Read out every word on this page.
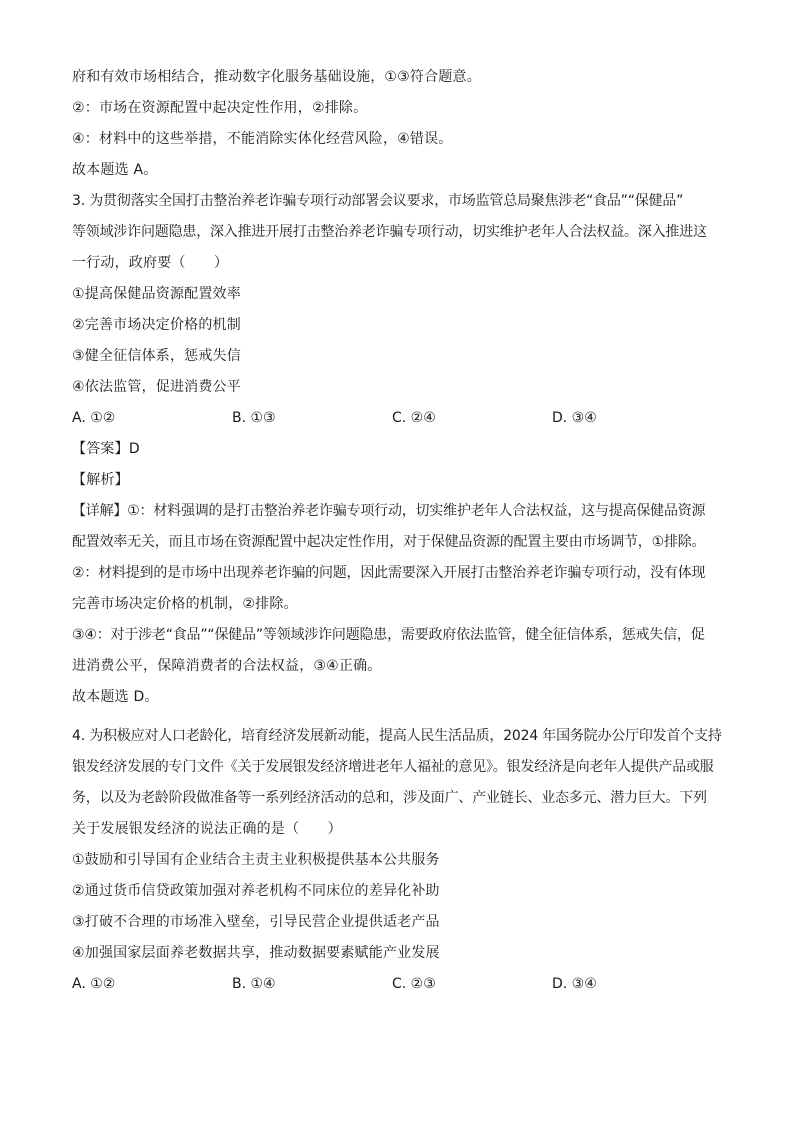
府和有效市场相结合，推动数字化服务基础设施，①③符合题意。
②：市场在资源配置中起决定性作用，②排除。
④：材料中的这些举措，不能消除实体化经营风险，④错误。
故本题选 A。
3. 为贯彻落实全国打击整治养老诈骗专项行动部署会议要求，市场监管总局聚焦涉老“食品”“保健品”
等领域涉诈问题隐患，深入推进开展打击整治养老诈骗专项行动，切实维护老年人合法权益。深入推进这
一行动，政府要（　　）
①提高保健品资源配置效率
②完善市场决定价格的机制
③健全征信体系，惩戒失信
④依法监管，促进消费公平
A. ①②	B. ①③	C. ②④	D. ③④
【答案】D
【解析】
【详解】①：材料强调的是打击整治养老诈骗专项行动，切实维护老年人合法权益，这与提高保健品资源
配置效率无关，而且市场在资源配置中起决定性作用，对于保健品资源的配置主要由市场调节，①排除。
②：材料提到的是市场中出现养老诈骗的问题，因此需要深入开展打击整治养老诈骗专项行动，没有体现
完善市场决定价格的机制，②排除。
③④：对于涉老“食品”“保健品”等领域涉诈问题隐患，需要政府依法监管，健全征信体系，惩戒失信，促
进消费公平，保障消费者的合法权益，③④正确。
故本题选 D。
4. 为积极应对人口老龄化，培育经济发展新动能，提高人民生活品质，2024 年国务院办公厅印发首个支持
银发经济发展的专门文件《关于发展银发经济增进老年人福祉的意见》。银发经济是向老年人提供产品或服
务，以及为老龄阶段做准备等一系列经济活动的总和，涉及面广、产业链长、业态多元、潜力巨大。下列
关于发展银发经济的说法正确的是（　　）
①鼓励和引导国有企业结合主责主业积极提供基本公共服务
②通过货币信贷政策加强对养老机构不同床位的差异化补助
③打破不合理的市场准入壁垒，引导民营企业提供适老产品
④加强国家层面养老数据共享，推动数据要素赋能产业发展
A. ①②	B. ①④	C. ②③	D. ③④
